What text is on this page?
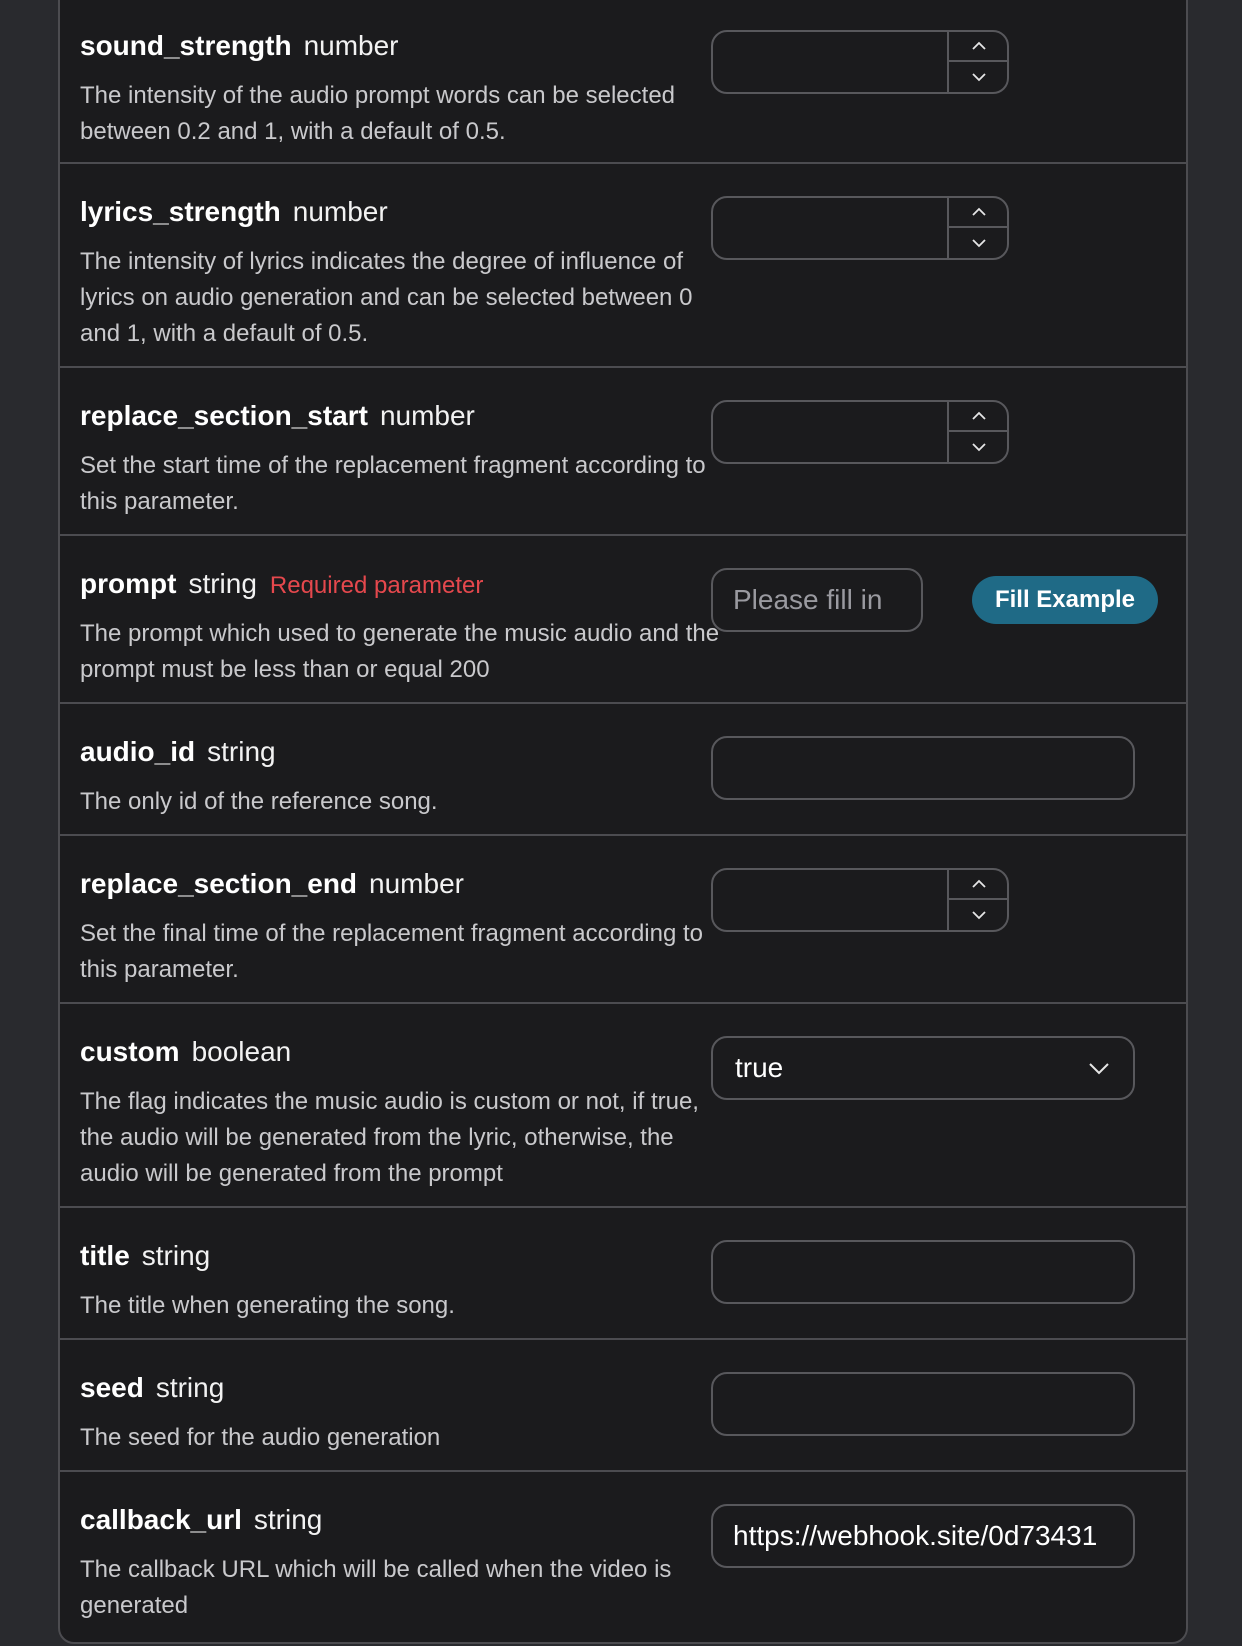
sound_strength number
The intensity of the audio prompt words can be selected between 0.2 and 1, with a default of 0.5.
lyrics_strength number
The intensity of lyrics indicates the degree of influence of lyrics on audio generation and can be selected between 0 and 1, with a default of 0.5.
replace_section_start number
Set the start time of the replacement fragment according to this parameter.
prompt string Required parameter
The prompt which used to generate the music audio and the prompt must be less than or equal 200
Please fill in	Fill Example
audio_id string
The only id of the reference song.
replace_section_end number
Set the final time of the replacement fragment according to this parameter.
custom boolean
The flag indicates the music audio is custom or not, if true, the audio will be generated from the lyric, otherwise, the audio will be generated from the prompt
true
title string
The title when generating the song.
seed string
The seed for the audio generation
callback_url string
The callback URL which will be called when the video is generated
https://webhook.site/0d73431
